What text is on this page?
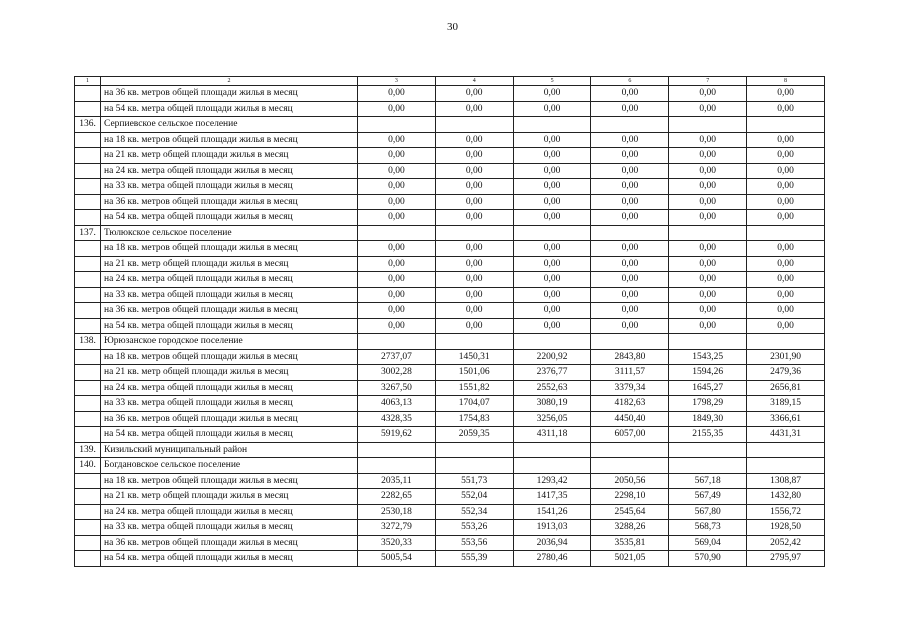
30
1	2	3	4	5	6	7	8
	на 36 кв. метров общей площади жилья в месяц	0,00	0,00	0,00	0,00	0,00	0,00
	на 54 кв. метра общей площади жилья в месяц	0,00	0,00	0,00	0,00	0,00	0,00
136.	Серпиевское сельское поселение						
	на 18 кв. метров общей площади жилья в месяц	0,00	0,00	0,00	0,00	0,00	0,00
	на 21 кв. метр общей площади жилья в месяц	0,00	0,00	0,00	0,00	0,00	0,00
	на 24 кв. метра общей площади жилья в месяц	0,00	0,00	0,00	0,00	0,00	0,00
	на 33 кв. метра общей площади жилья в месяц	0,00	0,00	0,00	0,00	0,00	0,00
	на 36 кв. метров общей площади жилья в месяц	0,00	0,00	0,00	0,00	0,00	0,00
	на 54 кв. метра общей площади жилья в месяц	0,00	0,00	0,00	0,00	0,00	0,00
137.	Тюлюкское сельское поселение						
	на 18 кв. метров общей площади жилья в месяц	0,00	0,00	0,00	0,00	0,00	0,00
	на 21 кв. метр общей площади жилья в месяц	0,00	0,00	0,00	0,00	0,00	0,00
	на 24 кв. метра общей площади жилья в месяц	0,00	0,00	0,00	0,00	0,00	0,00
	на 33 кв. метра общей площади жилья в месяц	0,00	0,00	0,00	0,00	0,00	0,00
	на 36 кв. метров общей площади жилья в месяц	0,00	0,00	0,00	0,00	0,00	0,00
	на 54 кв. метра общей площади жилья в месяц	0,00	0,00	0,00	0,00	0,00	0,00
138.	Юрюзанское городское поселение						
	на 18 кв. метров общей площади жилья в месяц	2737,07	1450,31	2200,92	2843,80	1543,25	2301,90
	на 21 кв. метр общей площади жилья в месяц	3002,28	1501,06	2376,77	3111,57	1594,26	2479,36
	на 24 кв. метра общей площади жилья в месяц	3267,50	1551,82	2552,63	3379,34	1645,27	2656,81
	на 33 кв. метра общей площади жилья в месяц	4063,13	1704,07	3080,19	4182,63	1798,29	3189,15
	на 36 кв. метров общей площади жилья в месяц	4328,35	1754,83	3256,05	4450,40	1849,30	3366,61
	на 54 кв. метра общей площади жилья в месяц	5919,62	2059,35	4311,18	6057,00	2155,35	4431,31
139.	Кизильский муниципальный район						
140.	Богдановское сельское поселение						
	на 18 кв. метров общей площади жилья в месяц	2035,11	551,73	1293,42	2050,56	567,18	1308,87
	на 21 кв. метр общей площади жилья в месяц	2282,65	552,04	1417,35	2298,10	567,49	1432,80
	на 24 кв. метра общей площади жилья в месяц	2530,18	552,34	1541,26	2545,64	567,80	1556,72
	на 33 кв. метра общей площади жилья в месяц	3272,79	553,26	1913,03	3288,26	568,73	1928,50
	на 36 кв. метров общей площади жилья в месяц	3520,33	553,56	2036,94	3535,81	569,04	2052,42
	на 54 кв. метра общей площади жилья в месяц	5005,54	555,39	2780,46	5021,05	570,90	2795,97
